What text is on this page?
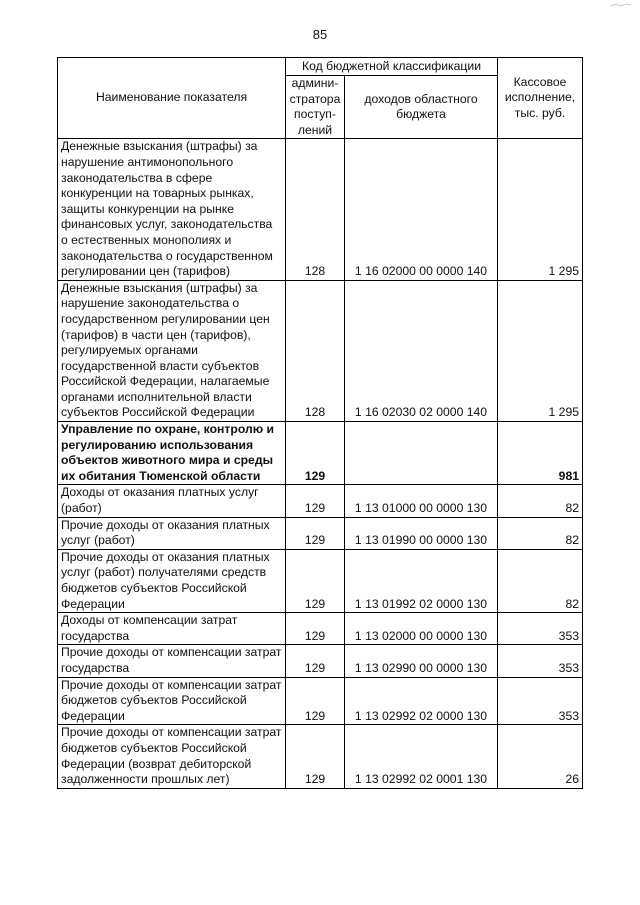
85
Наименование показателя	Код бюджетной классификации		Кассовое исполнение, тыс. руб.
	админи-стратора поступ-лений	доходов областного бюджета	
Денежные взыскания (штрафы) за нарушение антимонопольного законодательства в сфере конкуренции на товарных рынках, защиты конкуренции на рынке финансовых услуг, законодательства о естественных монополиях и законодательства о государственном регулировании цен (тарифов)	128	1 16 02000 00 0000 140	1 295
Денежные взыскания (штрафы) за нарушение законодательства о государственном регулировании цен (тарифов) в части цен (тарифов), регулируемых органами государственной власти субъектов Российской Федерации, налагаемые органами исполнительной власти субъектов Российской Федерации	128	1 16 02030 02 0000 140	1 295
Управление по охране, контролю и регулированию использования объектов животного мира и среды их обитания Тюменской области	129		981
Доходы от оказания платных услуг (работ)	129	1 13 01000 00 0000 130	82
Прочие доходы от оказания платных услуг (работ)	129	1 13 01990 00 0000 130	82
Прочие доходы от оказания платных услуг (работ) получателями средств бюджетов субъектов Российской Федерации	129	1 13 01992 02 0000 130	82
Доходы от компенсации затрат государства	129	1 13 02000 00 0000 130	353
Прочие доходы от компенсации затрат государства	129	1 13 02990 00 0000 130	353
Прочие доходы от компенсации затрат бюджетов субъектов Российской Федерации	129	1 13 02992 02 0000 130	353
Прочие доходы от компенсации затрат бюджетов субъектов Российской Федерации (возврат дебиторской задолженности прошлых лет)	129	1 13 02992 02 0001 130	26
